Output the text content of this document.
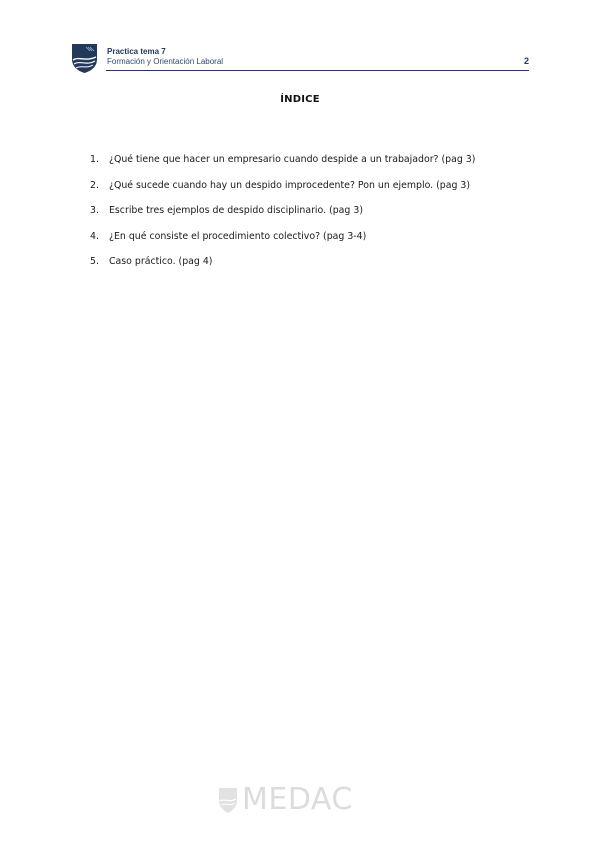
Practica tema 7
Formación y Orientación Laboral	2
ÍNDICE
1.	¿Qué tiene que hacer un empresario cuando despide a un trabajador? (pag 3)
2.	¿Qué sucede cuando hay un despido improcedente? Pon un ejemplo. (pag 3)
3.	Escribe tres ejemplos de despido disciplinario. (pag 3)
4.	¿En qué consiste el procedimiento colectivo? (pag 3-4)
5.	Caso práctico. (pag 4)
MEDAC
